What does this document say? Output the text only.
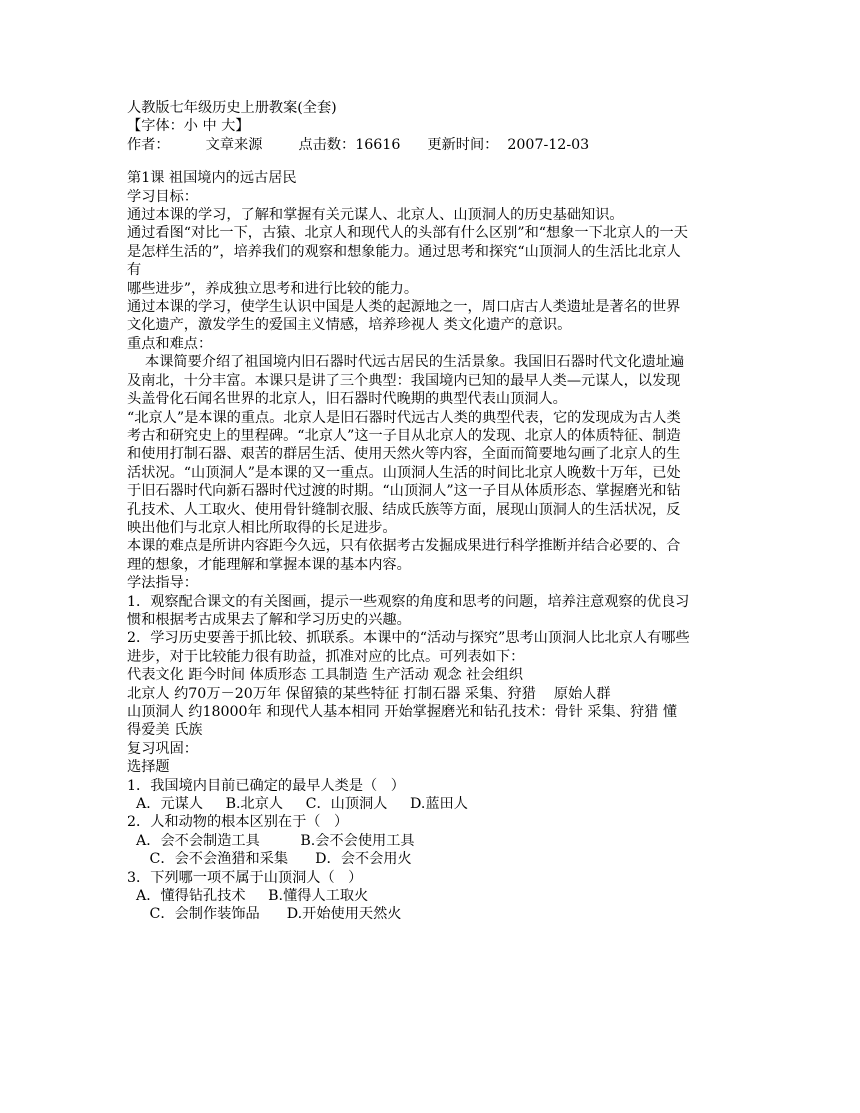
人教版七年级历史上册教案(全套)
【字体：小 中 大】
作者：        文章来源        点击数：16616      更新时间：  2007-12-03
第1课 祖国境内的远古居民
学习目标：
通过本课的学习，了解和掌握有关元谋人、北京人、山顶洞人的历史基础知识。
通过看图“对比一下，古猿、北京人和现代人的头部有什么区别”和“想象一下北京人的一天
是怎样生活的”，培养我们的观察和想象能力。通过思考和探究“山顶洞人的生活比北京人
有
哪些进步”，养成独立思考和进行比较的能力。
通过本课的学习，使学生认识中国是人类的起源地之一，周口店古人类遗址是著名的世界
文化遗产，激发学生的爱国主义情感，培养珍视人 类文化遗产的意识。
重点和难点：
本课简要介绍了祖国境内旧石器时代远古居民的生活景象。我国旧石器时代文化遗址遍
及南北，十分丰富。本课只是讲了三个典型：我国境内已知的最早人类—元谋人，以发现
头盖骨化石闻名世界的北京人，旧石器时代晚期的典型代表山顶洞人。
“北京人”是本课的重点。北京人是旧石器时代远古人类的典型代表，它的发现成为古人类
考古和研究史上的里程碑。“北京人”这一子目从北京人的发现、北京人的体质特征、制造
和使用打制石器、艰苦的群居生活、使用天然火等内容，全面而简要地勾画了北京人的生
活状况。“山顶洞人”是本课的又一重点。山顶洞人生活的时间比北京人晚数十万年，已处
于旧石器时代向新石器时代过渡的时期。“山顶洞人”这一子目从体质形态、掌握磨光和钻
孔技术、人工取火、使用骨针缝制衣服、结成氏族等方面，展现山顶洞人的生活状况，反
映出他们与北京人相比所取得的长足进步。
本课的难点是所讲内容距今久远，只有依据考古发掘成果进行科学推断并结合必要的、合
理的想象，才能理解和掌握本课的基本内容。
学法指导：
1．观察配合课文的有关图画，提示一些观察的角度和思考的问题，培养注意观察的优良习
惯和根据考古成果去了解和学习历史的兴趣。
2．学习历史要善于抓比较、抓联系。本课中的“活动与探究”思考山顶洞人比北京人有哪些
进步，对于比较能力很有助益，抓准对应的比点。可列表如下：
代表文化 距今时间 体质形态 工具制造 生产活动 观念 社会组织
北京人 约70万－20万年 保留猿的某些特征 打制石器 采集、狩猎    原始人群
山顶洞人 约18000年 和现代人基本相同 开始掌握磨光和钻孔技术：骨针 采集、狩猎 懂
得爱美 氏族
复习巩固：
选择题
1．我国境内目前已确定的最早人类是（   ）
A．元谋人     B.北京人     C．山顶洞人     D.蓝田人
2．人和动物的根本区别在于（   ）
A．会不会制造工具         B.会不会使用工具
C．会不会渔猎和采集      D．会不会用火
3．下列哪一项不属于山顶洞人（   ）
A．懂得钻孔技术     B.懂得人工取火
C．会制作装饰品      D.开始使用天然火
